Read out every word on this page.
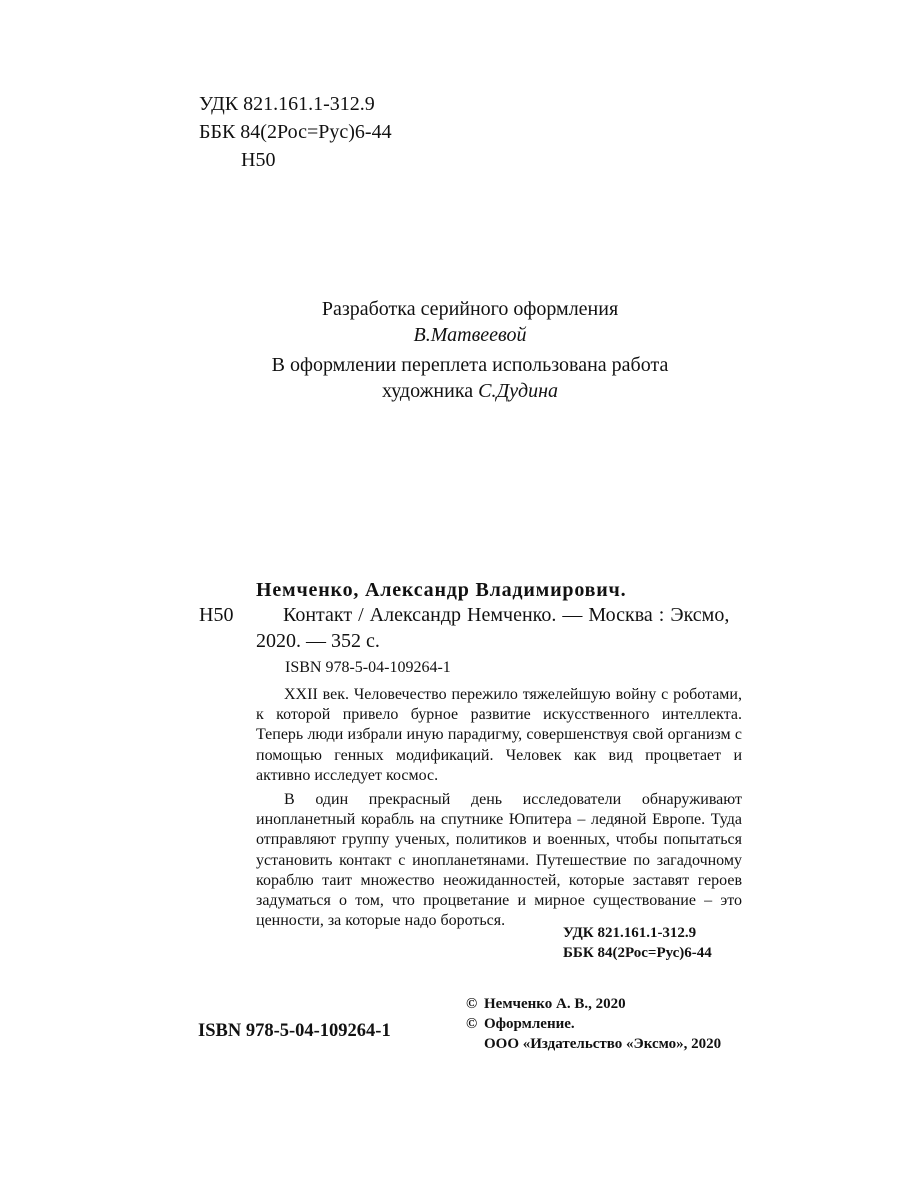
УДК 821.161.1-312.9
ББК 84(2Рос=Рус)6-44
Н50
Разработка серийного оформления
В.Матвеевой
В оформлении переплета использована работа
художника С.Дудина
Немченко, Александр Владимирович.
Н50 Контакт / Александр Немченко. — Москва : Эксмо,
2020. — 352 с.
ISBN 978-5-04-109264-1

XXII век. Человечество пережило тяжелейшую войну с роботами, к которой привело бурное развитие искусственного интеллекта. Теперь люди избрали иную парадигму, совершенствуя свой организм с помощью генных модификаций. Человек как вид процветает и активно исследует космос.

В один прекрасный день исследователи обнаруживают инопланетный корабль на спутнике Юпитера – ледяной Европе. Туда отправляют группу ученых, политиков и военных, чтобы попытаться установить контакт с инопланетянами. Путешествие по загадочному кораблю таит множество неожиданностей, которые заставят героев задуматься о том, что процветание и мирное существование – это ценности, за которые надо бороться.

УДК 821.161.1-312.9
ББК 84(2Рос=Рус)6-44
ISBN 978-5-04-109264-1
© Немченко А. В., 2020
© Оформление.
ООО «Издательство «Эксмо», 2020
